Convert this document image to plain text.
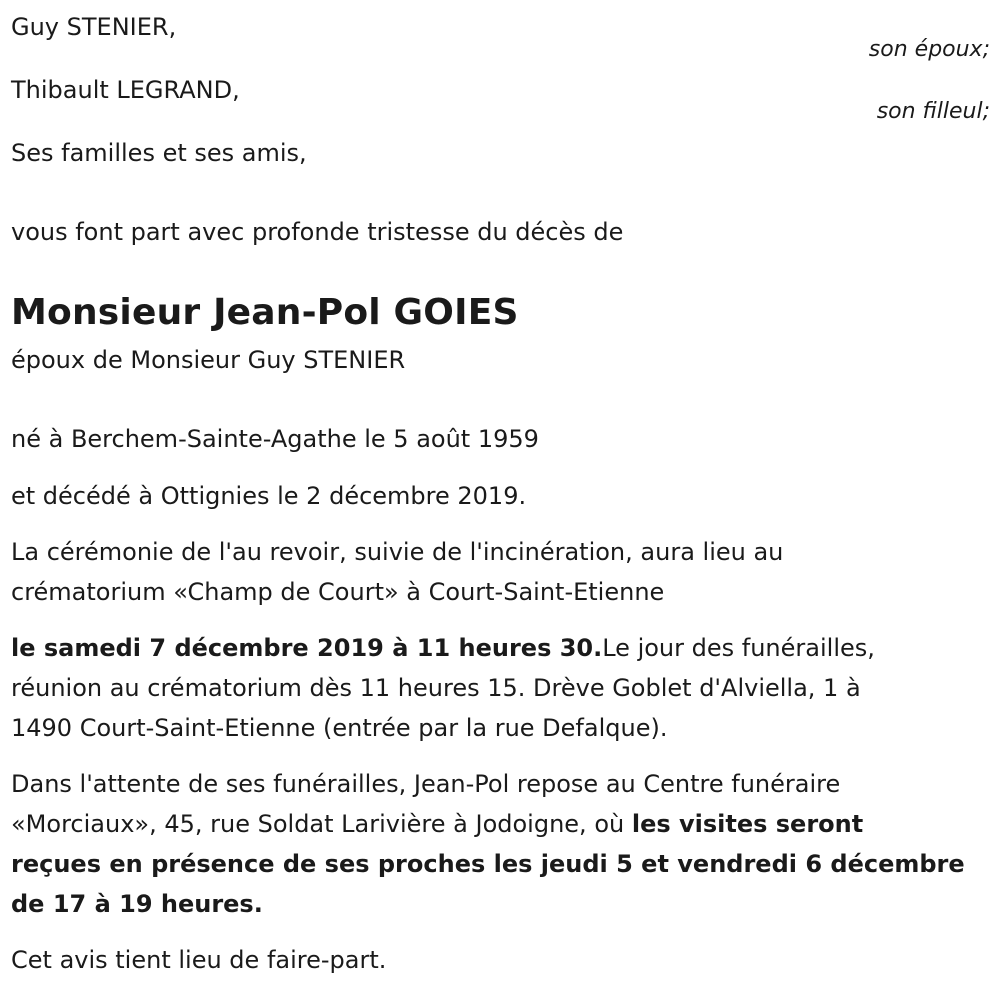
Guy STENIER,
son époux;
Thibault LEGRAND,
son filleul;
Ses familles et ses amis,
vous font part avec profonde tristesse du décès de
Monsieur Jean-Pol GOIES
époux de Monsieur Guy STENIER
né à Berchem-Sainte-Agathe le 5 août 1959
et décédé à Ottignies le 2 décembre 2019.
La cérémonie de l'au revoir, suivie de l'incinération, aura lieu au
crématorium «Champ de Court» à Court-Saint-Etienne
le samedi 7 décembre 2019 à 11 heures 30.Le jour des funérailles,
réunion au crématorium dès 11 heures 15. Drève Goblet d'Alviella, 1 à
1490 Court-Saint-Etienne (entrée par la rue Defalque).
Dans l'attente de ses funérailles, Jean-Pol repose au Centre funéraire
«Morciaux», 45, rue Soldat Larivière à Jodoigne, où les visites seront
reçues en présence de ses proches les jeudi 5 et vendredi 6 décembre
de 17 à 19 heures.
Cet avis tient lieu de faire-part.
